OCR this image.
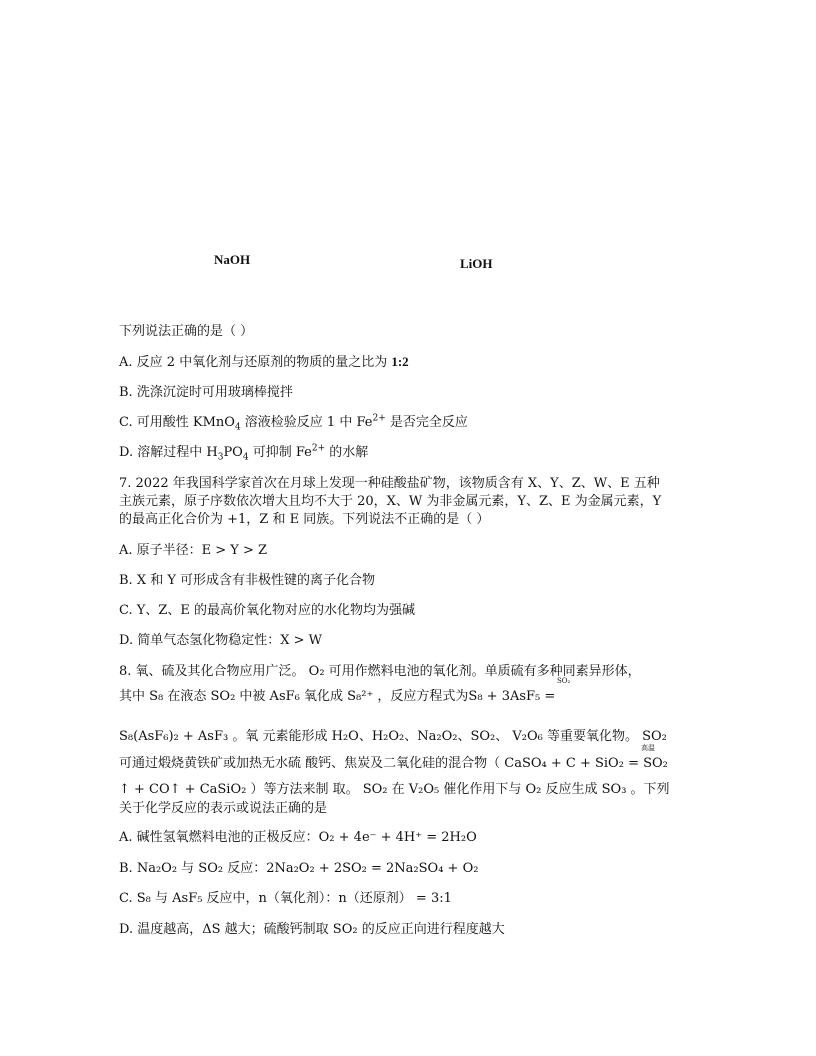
NaOH	LiOH
下列说法正确的是（ ）
A. 反应 2 中氧化剂与还原剂的物质的量之比为 1:2
B. 洗涤沉淀时可用玻璃棒搅拌
C. 可用酸性 KMnO$_4$ 溶液检验反应 1 中 $Fe^{2+}$ 是否完全反应
D. 溶解过程中 $H_3PO_4$ 可抑制 $Fe^{2+}$ 的水解
7. 2022 年我国科学家首次在月球上发现一种硅酸盐矿物，该物质含有 X、Y、Z、W、E 五种
主族元素，原子序数依次增大且均不大于 20，X、W 为非金属元素，Y、Z、E 为金属元素，Y
的最高正化合价为 +1，Z 和 E 同族。下列说法不正确的是（ ）
A. 原子半径：E > Y > Z
B. X 和 Y 可形成含有非极性键的离子化合物
C. Y、Z、E 的最高价氧化物对应的水化物均为强碱
D. 简单气态氢化物稳定性：X > W
8. 氧、硫及其化合物应用广泛。 O₂ 可用作燃料电池的氧化剂。单质硫有多种同素异形体，
SO₂
其中 S₈ 在液态 SO₂ 中被 AsF₆ 氧化成 S₈²⁺ ，反应方程式为S₈ + 3AsF₅ =
S₈(AsF₆)₂ + AsF₃ 。氧 元素能形成 H₂O、H₂O₂、Na₂O₂、SO₂、 V₂O₆ 等重要氧化物。 SO₂
高温
可通过煅烧黄铁矿或加热无水硫 酸钙、焦炭及二氧化硅的混合物（ CaSO₄ + C + SiO₂ = SO₂
↑ + CO↑ + CaSiO₂ ）等方法来制 取。 SO₂ 在 V₂O₅ 催化作用下与 O₂ 反应生成 SO₃ 。下列
关于化学反应的表示或说法正确的是
A. 碱性氢氧燃料电池的正极反应：O₂ + 4e⁻ + 4H⁺ = 2H₂O
B. Na₂O₂ 与 SO₂ 反应：2Na₂O₂ + 2SO₂ = 2Na₂SO₄ + O₂
C. S₈ 与 AsF₅ 反应中，n（氧化剂）：n（还原剂） = 3:1
D. 温度越高，ΔS 越大；硫酸钙制取 SO₂ 的反应正向进行程度越大
